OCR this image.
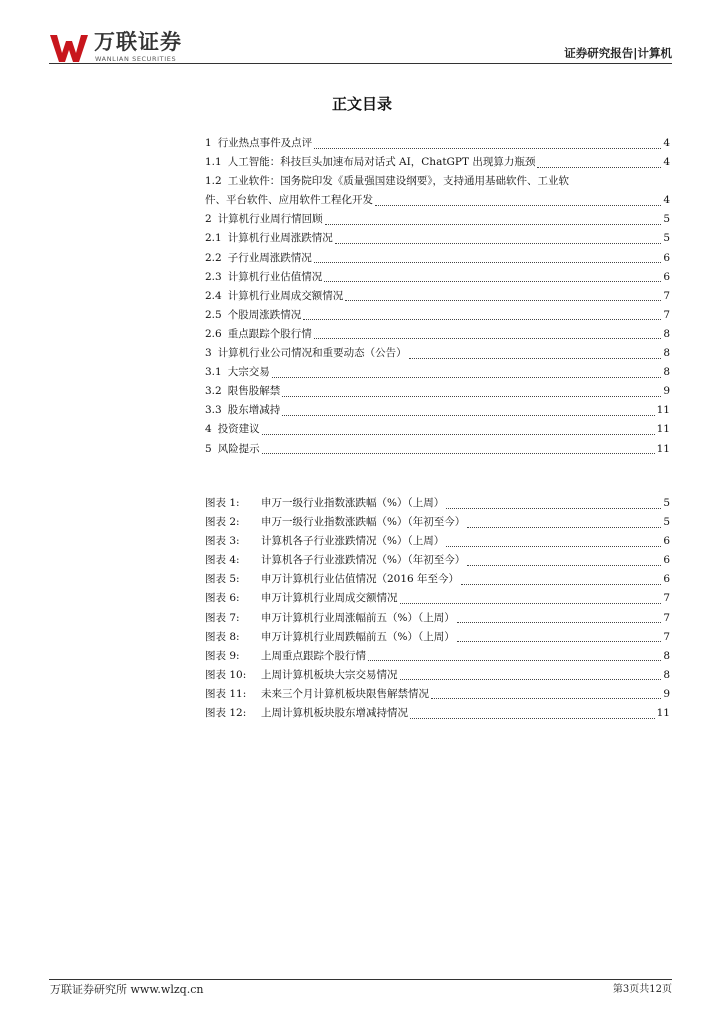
万联证券
WANLIAN SECURITIES	证券研究报告|计算机
正文目录
1 行业热点事件及点评	4
1.1 人工智能：科技巨头加速布局对话式 AI，ChatGPT 出现算力瓶颈	4
1.2 工业软件：国务院印发《质量强国建设纲要》，支持通用基础软件、工业软
件、平台软件、应用软件工程化开发	4
2 计算机行业周行情回顾	5
2.1 计算机行业周涨跌情况	5
2.2 子行业周涨跌情况	6
2.3 计算机行业估值情况	6
2.4 计算机行业周成交额情况	7
2.5 个股周涨跌情况	7
2.6 重点跟踪个股行情	8
3 计算机行业公司情况和重要动态（公告）	8
3.1 大宗交易	8
3.2 限售股解禁	9
3.3 股东增减持	11
4 投资建议	11
5 风险提示	11
图表 1:	申万一级行业指数涨跌幅（%）（上周）	5
图表 2:	申万一级行业指数涨跌幅（%）（年初至今）	5
图表 3:	计算机各子行业涨跌情况（%）（上周）	6
图表 4:	计算机各子行业涨跌情况（%）（年初至今）	6
图表 5:	申万计算机行业估值情况（2016 年至今）	6
图表 6:	申万计算机行业周成交额情况	7
图表 7:	申万计算机行业周涨幅前五（%）（上周）	7
图表 8:	申万计算机行业周跌幅前五（%）（上周）	7
图表 9:	上周重点跟踪个股行情	8
图表 10:	上周计算机板块大宗交易情况	8
图表 11:	未来三个月计算机板块限售解禁情况	9
图表 12:	上周计算机板块股东增减持情况	11
万联证券研究所 www.wlzq.cn	第3页共12页
